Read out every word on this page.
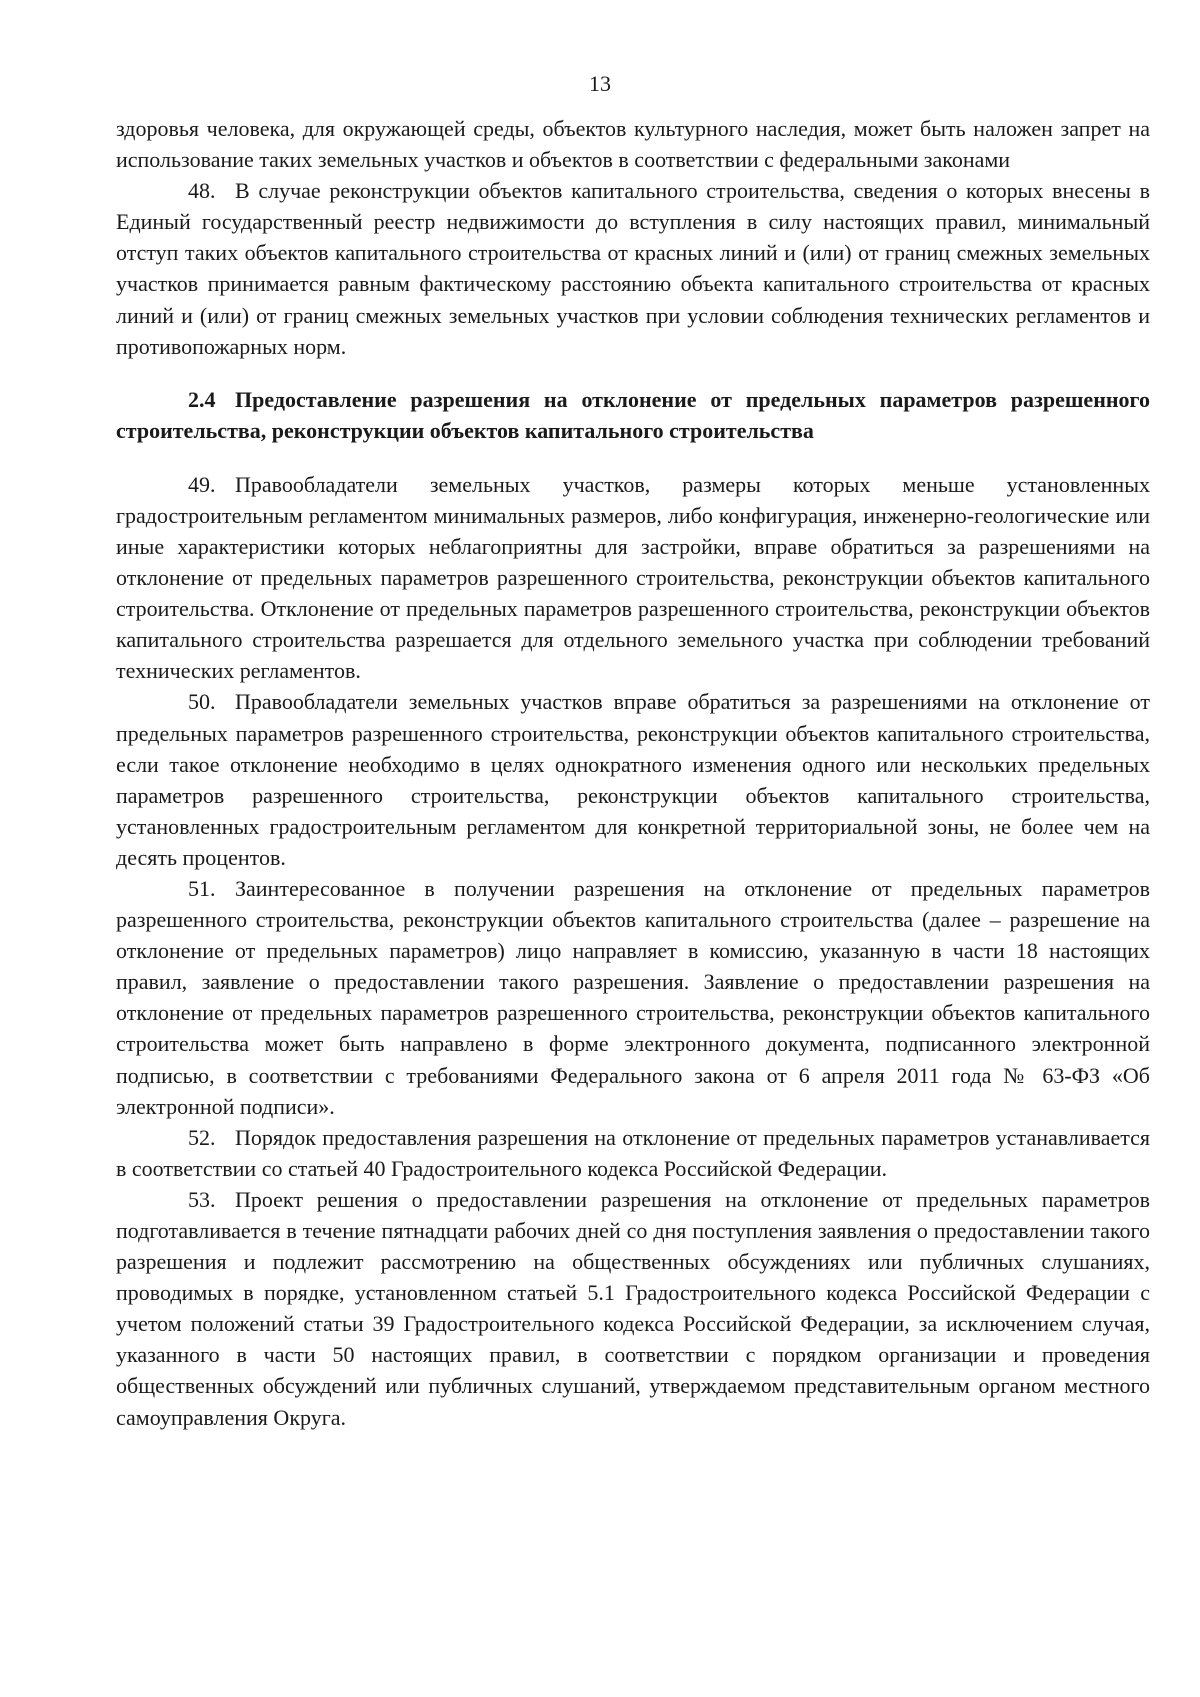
13

здоровья человека, для окружающей среды, объектов культурного наследия, может быть наложен запрет на использование таких земельных участков и объектов в соответствии с федеральными законами

48. В случае реконструкции объектов капитального строительства, сведения о которых внесены в Единый государственный реестр недвижимости до вступления в силу настоящих правил, минимальный отступ таких объектов капитального строительства от красных линий и (или) от границ смежных земельных участков принимается равным фактическому расстоянию объекта капитального строительства от красных линий и (или) от границ смежных земельных участков при условии соблюдения технических регламентов и противопожарных норм.

2.4 Предоставление разрешения на отклонение от предельных параметров разрешенного строительства, реконструкции объектов капитального строительства

49. Правообладатели земельных участков, размеры которых меньше установленных градостроительным регламентом минимальных размеров, либо конфигурация, инженерно-геологические или иные характеристики которых неблагоприятны для застройки, вправе обратиться за разрешениями на отклонение от предельных параметров разрешенного строительства, реконструкции объектов капитального строительства. Отклонение от предельных параметров разрешенного строительства, реконструкции объектов капитального строительства разрешается для отдельного земельного участка при соблюдении требований технических регламентов.

50. Правообладатели земельных участков вправе обратиться за разрешениями на отклонение от предельных параметров разрешенного строительства, реконструкции объектов капитального строительства, если такое отклонение необходимо в целях однократного изменения одного или нескольких предельных параметров разрешенного строительства, реконструкции объектов капитального строительства, установленных градостроительным регламентом для конкретной территориальной зоны, не более чем на десять процентов.

51. Заинтересованное в получении разрешения на отклонение от предельных параметров разрешенного строительства, реконструкции объектов капитального строительства (далее – разрешение на отклонение от предельных параметров) лицо направляет в комиссию, указанную в части 18 настоящих правил, заявление о предоставлении такого разрешения. Заявление о предоставлении разрешения на отклонение от предельных параметров разрешенного строительства, реконструкции объектов капитального строительства может быть направлено в форме электронного документа, подписанного электронной подписью, в соответствии с требованиями Федерального закона от 6 апреля 2011 года № 63-ФЗ «Об электронной подписи».

52. Порядок предоставления разрешения на отклонение от предельных параметров устанавливается в соответствии со статьей 40 Градостроительного кодекса Российской Федерации.

53. Проект решения о предоставлении разрешения на отклонение от предельных параметров подготавливается в течение пятнадцати рабочих дней со дня поступления заявления о предоставлении такого разрешения и подлежит рассмотрению на общественных обсуждениях или публичных слушаниях, проводимых в порядке, установленном статьей 5.1 Градостроительного кодекса Российской Федерации с учетом положений статьи 39 Градостроительного кодекса Российской Федерации, за исключением случая, указанного в части 50 настоящих правил, в соответствии с порядком организации и проведения общественных обсуждений или публичных слушаний, утверждаемом представительным органом местного самоуправления Округа.
